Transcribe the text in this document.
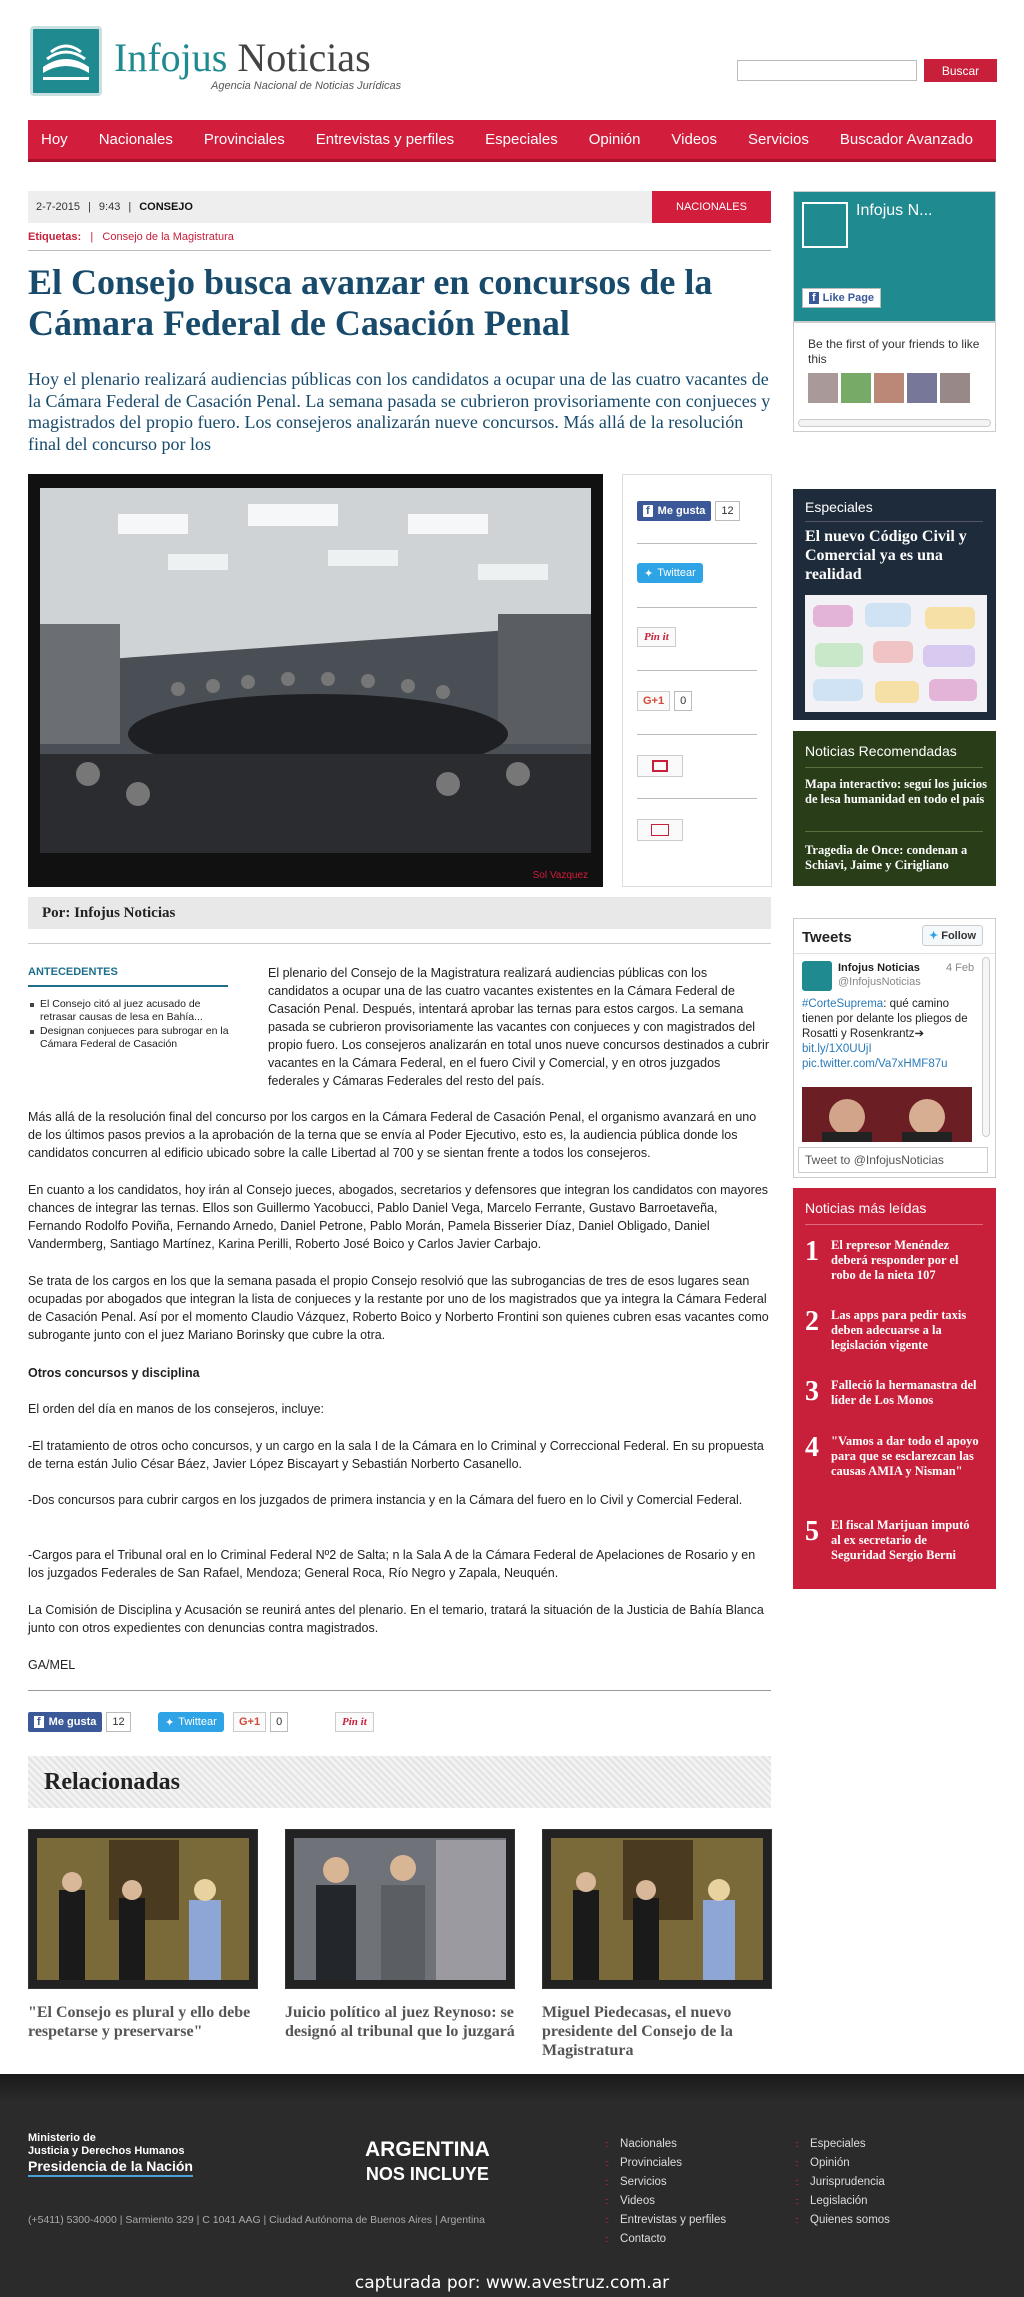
Infojus Noticias
Agencia Nacional de Noticias Jurídicas
Buscar
Hoy Nacionales Provinciales Entrevistas y perfiles Especiales Opinión Videos Servicios Buscador Avanzado
2-7-2015 | 9:43 | CONSEJO	NACIONALES
Etiquetas:   |   Consejo de la Magistratura
El Consejo busca avanzar en concursos de la Cámara Federal de Casación Penal

Hoy el plenario realizará audiencias públicas con los candidatos a ocupar una de las cuatro vacantes de la Cámara Federal de Casación Penal. La semana pasada se cubrieron provisoriamente con conjueces y magistrados del propio fuero. Los consejeros analizarán nueve concursos. Más allá de la resolución final del concurso por los

Sol Vazquez
f Me gusta	12
✦ Twittear
Pin it
G+1	0
Por: Infojus Noticias
ANTECEDENTES
El Consejo citó al juez acusado de retrasar causas de lesa en Bahía...
Designan conjueces para subrogar en la Cámara Federal de Casación

El plenario del Consejo de la Magistratura realizará audiencias públicas con los candidatos a ocupar una de las cuatro vacantes existentes en la Cámara Federal de Casación Penal. Después, intentará aprobar las ternas para estos cargos. La semana pasada se cubrieron provisoriamente las vacantes con conjueces y con magistrados del propio fuero. Los consejeros analizarán en total unos nueve concursos destinados a cubrir vacantes en la Cámara Federal, en el fuero Civil y Comercial, y en otros juzgados federales y Cámaras Federales del resto del país.

Más allá de la resolución final del concurso por los cargos en la Cámara Federal de Casación Penal, el organismo avanzará en uno de los últimos pasos previos a la aprobación de la terna que se envía al Poder Ejecutivo, esto es, la audiencia pública donde los candidatos concurren al edificio ubicado sobre la calle Libertad al 700 y se sientan frente a todos los consejeros.

En cuanto a los candidatos, hoy irán al Consejo jueces, abogados, secretarios y defensores que integran los candidatos con mayores chances de integrar las ternas. Ellos son Guillermo Yacobucci, Pablo Daniel Vega, Marcelo Ferrante, Gustavo Barroetaveña, Fernando Rodolfo Poviña, Fernando Arnedo, Daniel Petrone, Pablo Morán, Pamela Bisserier Díaz, Daniel Obligado, Daniel Vandermberg, Santiago Martínez, Karina Perilli, Roberto José Boico y Carlos Javier Carbajo.

Se trata de los cargos en los que la semana pasada el propio Consejo resolvió que las subrogancias de tres de esos lugares sean ocupadas por abogados que integran la lista de conjueces y la restante por uno de los magistrados que ya integra la Cámara Federal de Casación Penal. Así por el momento Claudio Vázquez, Roberto Boico y Norberto Frontini son quienes cubren esas vacantes como subrogante junto con el juez Mariano Borinsky que cubre la otra.

Otros concursos y disciplina

El orden del día en manos de los consejeros, incluye:

-El tratamiento de otros ocho concursos, y un cargo en la sala I de la Cámara en lo Criminal y Correccional Federal. En su propuesta de terna están Julio César Báez, Javier López Biscayart y Sebastián Norberto Casanello.

-Dos concursos para cubrir cargos en los juzgados de primera instancia y en la Cámara del fuero en lo Civil y Comercial Federal.

-Cargos para el Tribunal oral en lo Criminal Federal Nº2 de Salta; n la Sala A de la Cámara Federal de Apelaciones de Rosario y en los juzgados Federales de San Rafael, Mendoza; General Roca, Río Negro y Zapala, Neuquén.

La Comisión de Disciplina y Acusación se reunirá antes del plenario. En el temario, tratará la situación de la Justicia de Bahía Blanca junto con otros expedientes con denuncias contra magistrados.

GA/MEL

f Me gusta	12	✦ Twittear	G+1	0	Pin it
Relacionadas
"El Consejo es plural y ello debe respetarse y preservarse"
Juicio político al juez Reynoso: se designó al tribunal que lo juzgará
Miguel Piedecasas, el nuevo presidente del Consejo de la Magistratura
Infojus N...
f Like Page
Be the first of your friends to like this
Especiales
El nuevo Código Civil y Comercial ya es una realidad
Noticias Recomendadas
Mapa interactivo: seguí los juicios de lesa humanidad en todo el país
Tragedia de Once: condenan a Schiavi, Jaime y Cirigliano
Tweets	✦ Follow
Infojus Noticias 4 Feb
@InfojusNoticias
#CorteSuprema: qué camino tienen por delante los pliegos de Rosatti y Rosenkrantz➔ bit.ly/1X0UUjI pic.twitter.com/Va7xHMF87u
Tweet to @InfojusNoticias
Noticias más leídas
1 El represor Menéndez deberá responder por el robo de la nieta 107
2 Las apps para pedir taxis deben adecuarse a la legislación vigente
3 Falleció la hermanastra del líder de Los Monos
4 "Vamos a dar todo el apoyo para que se esclarezcan las causas AMIA y Nisman"
5 El fiscal Marijuan imputó al ex secretario de Seguridad Sergio Berni
Ministerio de
Justicia y Derechos Humanos
Presidencia de la Nación
ARGENTINA
NOS INCLUYE
(+5411) 5300-4000 | Sarmiento 329 | C 1041 AAG | Ciudad Autónoma de Buenos Aires | Argentina
:: Nacionales
:: Provinciales
:: Servicios
:: Videos
:: Entrevistas y perfiles
:: Contacto
:: Especiales
:: Opinión
:: Jurisprudencia
:: Legislación
:: Quienes somos
capturada por: www.avestruz.com.ar
